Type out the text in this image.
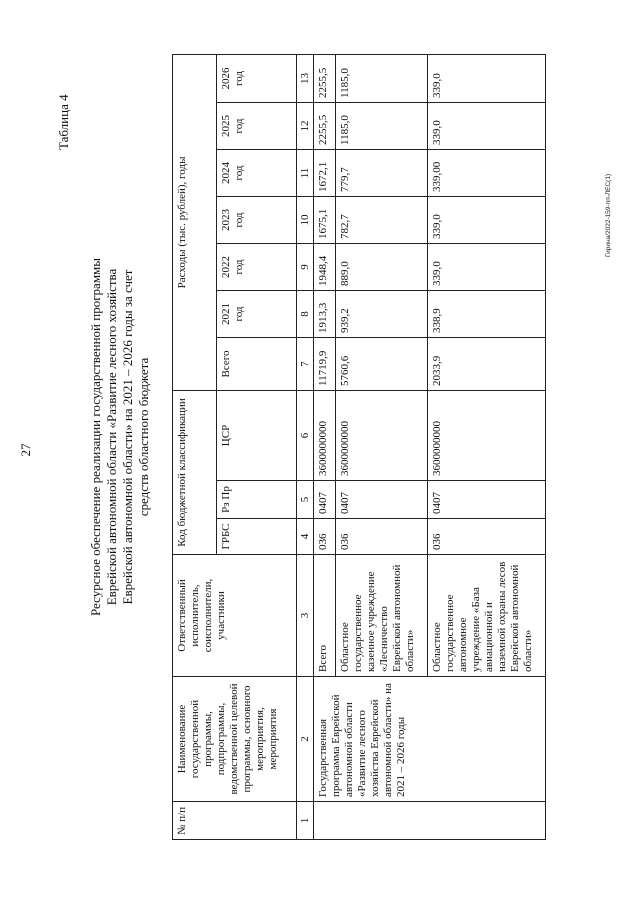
27
Таблица 4
Ресурсное обеспечение реализации государственной программы Еврейской автономной области «Развитие лесного хозяйства Еврейской автономной области» на 2021 – 2026 годы за счет средств областного бюджета
№ п/п	Наименование государственной программы, подпрограммы, ведомственной целевой программы, основного мероприятия, мероприятия	Ответственный исполнитель, соисполнители, участники	Код бюджетной классификации			Расходы (тыс. рублей), годы						
			ГРБС	Рз Пр	ЦСР	Всего	2021 год	2022 год	2023 год	2024 год	2025 год	2026 год
1	2	3	4	5	6	7	8	9	10	11	12	13
	Государственная программа Еврейской автономной области «Развитие лесного хозяйства Еврейской автономной области» на 2021 – 2026 годы	Всего	036	0407	3600000000	11719,9	1913,3	1948,4	1675,1	1672,1	2255,5	2255,5
		Областное государственное казенное учреждение «Лесничество Еврейской автономной области»	036	0407	3600000000	5760,6	939,2	889,0	782,7	779,7	1185,0	1185,0
		Областное государственное автономное учреждение «База авиационной и наземной охраны лесов Еврейской автономной области»	036	0407	3600000000	2033,9	338,9	339,0	339,0	339,00	339,0	339,0
Гирина/2022-159-пп-ЛЕС(1)
